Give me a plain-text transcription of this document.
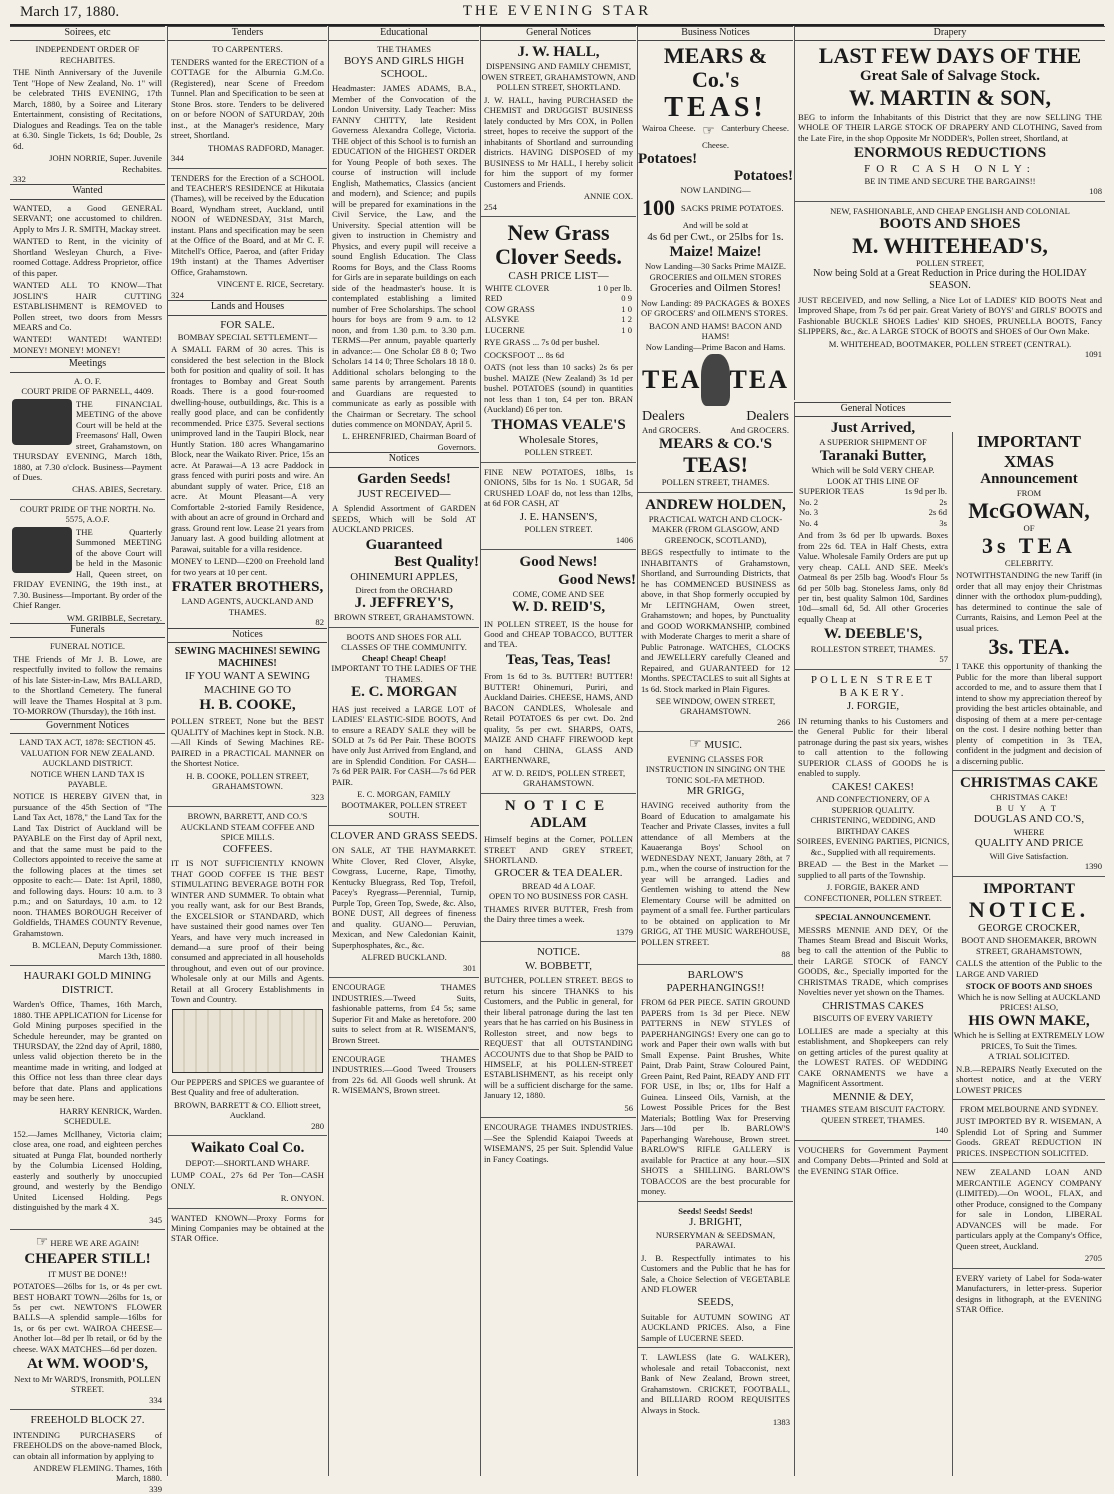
March 17, 1880.	THE EVENING STAR
Soirees, etc
INDEPENDENT ORDER OF
RECHABITES.

THE Ninth Anniversary of the Juvenile Tent "Hope of New Zealand, No. 1" will be celebrated THIS EVENING, 17th March, 1880, by a Soiree and Literary Entertainment, consisting of Recitations, Dialogues and Readings. Tea on the table at 6.30. Single Tickets, 1s 6d; Double, 2s 6d.

JOHN NORRIE, Super. Juvenile Rechabites.

332
Wanted

WANTED, a Good GENERAL SERVANT; one accustomed to children. Apply to Mrs J. R. SMITH, Mackay street.

WANTED to Rent, in the vicinity of Shortland Wesleyan Church, a Five-roomed Cottage. Address Proprietor, office of this paper.

WANTED ALL TO KNOW—That JOSLIN'S HAIR CUTTING ESTABLISHMENT is REMOVED to Pollen street, two doors from Messrs MEARS and Co.

WANTED! WANTED! WANTED! MONEY! MONEY! MONEY!

Meetings
A. O. F.
COURT PRIDE OF PARNELL, 4409.

THE FINANCIAL MEETING of the above Court will be held at the Freemasons' Hall, Owen street, Grahamstown, on THURSDAY EVENING, March 18th, 1880, at 7.30 o'clock. Business—Payment of Dues.

CHAS. ABIES, Secretary.

COURT PRIDE OF THE NORTH. No. 5575, A.O.F.

THE Quarterly Summoned MEETING of the above Court will be held in the Masonic Hall, Queen street, on FRIDAY EVENING, the 19th inst., at 7.30. Business—Important. By order of the Chief Ranger.

WM. GRIBBLE, Secretary.

Funerals
FUNERAL NOTICE.

THE Friends of Mr J. B. Lowe, are respectfully invited to follow the remains of his late Sister-in-Law, Mrs BALLARD, to the Shortland Cemetery. The funeral will leave the Thames Hospital at 3 p.m. TO-MORROW (Thursday), the 16th inst.

Government Notices
LAND TAX ACT, 1878: SECTION 45.
VALUATION FOR NEW ZEALAND.
AUCKLAND DISTRICT.
NOTICE WHEN LAND TAX IS PAYABLE.

NOTICE IS HEREBY GIVEN that, in pursuance of the 45th Section of "The Land Tax Act, 1878," the Land Tax for the Land Tax District of Auckland will be PAYABLE on the First day of April next, and that the same must be paid to the Collectors appointed to receive the same at the following places at the times set opposite to each:— Date: 1st April, 1880, and following days. Hours: 10 a.m. to 3 p.m.; and on Saturdays, 10 a.m. to 12 noon. THAMES BOROUGH Receiver of Goldfields, THAMES COUNTY Revenue, Grahamstown.

B. MCLEAN, Deputy Commissioner. March 13th, 1880.

HAURAKI GOLD MINING DISTRICT.

Warden's Office, Thames, 16th March, 1880. THE APPLICATION for License for Gold Mining purposes specified in the Schedule hereunder, may be granted on THURSDAY, the 22nd day of April, 1880, unless valid objection thereto be in the meantime made in writing, and lodged at this Office not less than three clear days before that date. Plans and applications may be seen here.

HARRY KENRICK, Warden.

SCHEDULE.

152.—James McIlhaney, Victoria claim; close area, one road, and eighteen perches situated at Punga Flat, bounded northerly by the Columbia Licensed Holding, easterly and southerly by unoccupied ground, and westerly by the Bendigo United Licensed Holding. Pegs distinguished by the mark 4 X.

345

☞ HERE WE ARE AGAIN!
CHEAPER STILL!
IT MUST BE DONE!!

POTATOES—26lbs for 1s, or 4s per cwt. BEST HOBART TOWN—26lbs for 1s, or 5s per cwt. NEWTON'S FLOWER BALLS—A splendid sample—16lbs for 1s, or 6s per cwt. WAIROA CHEESE—Another lot—8d per lb retail, or 6d by the cheese. WAX MATCHES—6d per dozen.

At WM. WOOD'S,
Next to Mr WARD'S, Ironsmith, POLLEN STREET.

334

FREEHOLD BLOCK 27.

INTENDING PURCHASERS of FREEHOLDS on the above-named Block, can obtain all information by applying to

ANDREW FLEMING. Thames, 16th March, 1880.

339

Tenders
TO CARPENTERS.

TENDERS wanted for the ERECTION of a COTTAGE for the Alburnia G.M.Co. (Registered), near Scene of Freedom Tunnel. Plan and Specification to be seen at Stone Bros. store. Tenders to be delivered on or before NOON of SATURDAY, 20th inst., at the Manager's residence, Mary street, Shortland.

THOMAS RADFORD, Manager.

344

TENDERS for the Erection of a SCHOOL and TEACHER'S RESIDENCE at Hikutaia (Thames), will be received by the Education Board, Wyndham street, Auckland, until NOON of WEDNESDAY, 31st March, instant. Plans and specification may be seen at the Office of the Board, and at Mr C. F. Mitchell's Office, Paeroa, and (after Friday 19th instant) at the Thames Advertiser Office, Grahamstown.

VINCENT E. RICE, Secretary.

324
Lands and Houses
FOR SALE.
BOMBAY SPECIAL SETTLEMENT—

A SMALL FARM of 30 acres. This is considered the best selection in the Block both for position and quality of soil. It has frontages to Bombay and Great South Roads. There is a good four-roomed dwelling-house, outbuildings, &c. This is a really good place, and can be confidently recommended. Price £375. Several sections unimproved land in the Taupiri Block, near Huntly Station. 180 acres Whangamarino Block, near the Waikato River. Price, 15s an acre. At Parawai—A 13 acre Paddock in grass fenced with puriri posts and wire. An abundant supply of water. Price, £18 an acre. At Mount Pleasant—A very Comfortable 2-storied Family Residence, with about an acre of ground in Orchard and grass. Ground rent low. Lease 21 years from January last. A good building allotment at Parawai, suitable for a villa residence.

MONEY to LEND—£200 on Freehold land for two years at 10 per cent.

FRATER BROTHERS,
LAND AGENTS, AUCKLAND AND THAMES.

82

Notices
SEWING MACHINES! SEWING MACHINES!
IF YOU WANT A SEWING MACHINE GO TO
H. B. COOKE,

POLLEN STREET, None but the BEST QUALITY of Machines kept in Stock. N.B.—All Kinds of Sewing Machines RE-PAIRED in a PRACTICAL MANNER on the Shortest Notice.

H. B. COOKE, POLLEN STREET, GRAHAMSTOWN.

323

BROWN, BARRETT, AND CO.'S AUCKLAND STEAM COFFEE AND SPICE MILLS.
COFFEES.

IT IS NOT SUFFICIENTLY KNOWN THAT GOOD COFFEE IS THE BEST STIMULATING BEVERAGE BOTH FOR WINTER AND SUMMER. To obtain what you really want, ask for our Best Brands, the EXCELSIOR or STANDARD, which have sustained their good names over Ten Years, and have very much increased in demand—a sure proof of their being consumed and appreciated in all households throughout, and even out of our province. Wholesale only at our Mills and Agents. Retail at all Grocery Establishments in Town and Country.

Our PEPPERS and SPICES we guarantee of Best Quality and free of adulteration.

BROWN, BARRETT & CO. Elliott street, Auckland.

280

Waikato Coal Co.
DEPOT:—SHORTLAND WHARF.

LUMP COAL, 27s 6d Per Ton—CASH ONLY.

R. ONYON.

WANTED KNOWN—Proxy Forms for Mining Companies may be obtained at the STAR Office.

Educational
THE THAMES
BOYS AND GIRLS HIGH SCHOOL.

Headmaster: JAMES ADAMS, B.A., Member of the Convocation of the London University. Lady Teacher: Miss FANNY CHITTY, late Resident Governess Alexandra College, Victoria. THE object of this School is to furnish an EDUCATION of the HIGHEST ORDER for Young People of both sexes. The course of instruction will include English, Mathematics, Classics (ancient and modern), and Science; and pupils will be prepared for examinations in the Civil Service, the Law, and the University. Special attention will be given to instruction in Chemistry and Physics, and every pupil will receive a sound English Education. The Class Rooms for Boys, and the Class Rooms for Girls are in separate buildings on each side of the headmaster's house. It is contemplated establishing a limited number of Free Scholarships. The school hours for boys are from 9 a.m. to 12 noon, and from 1.30 p.m. to 3.30 p.m. TERMS—Per annum, payable quarterly in advance:— One Scholar £8 8 0; Two Scholars 14 14 0; Three Scholars 18 18 0. Additional scholars belonging to the same parents by arrangement. Parents and Guardians are requested to communicate as early as possible with the Chairman or Secretary. The school duties commence on MONDAY, April 5.

L. EHRENFRIED, Chairman Board of Governors.

Notices
Garden Seeds!
JUST RECEIVED—

A Splendid Assortment of GARDEN SEEDS, Which will be Sold AT AUCKLAND PRICES.

Guaranteed
Best Quality!
OHINEMURI APPLES,
Direct from the ORCHARD
J. JEFFREY'S,
BROWN STREET, GRAHAMSTOWN.
BOOTS AND SHOES FOR ALL CLASSES OF THE COMMUNITY.
Cheap! Cheap! Cheap!
IMPORTANT TO THE LADIES OF THE THAMES.
E. C. MORGAN

HAS just received a LARGE LOT of LADIES' ELASTIC-SIDE BOOTS, And to ensure a READY SALE they will be SOLD at 7s 6d Per Pair. These BOOTS have only Just Arrived from England, and are in Splendid Condition. For CASH—7s 6d PER PAIR. For CASH—7s 6d PER PAIR.

E. C. MORGAN, FAMILY BOOTMAKER, POLLEN STREET SOUTH.
CLOVER AND GRASS SEEDS.

ON SALE, AT THE HAYMARKET. White Clover, Red Clover, Alsyke, Cowgrass, Lucerne, Rape, Timothy, Kentucky Bluegrass, Red Top, Trefoil, Pacey's Ryegrass—Perennial, Turnip, Purple Top, Green Top, Swede, &c. Also, BONE DUST, All degrees of fineness and quality. GUANO— Peruvian, Mexican, and New Caledonian Kainit, Superphosphates, &c., &c.

ALFRED BUCKLAND.

301

ENCOURAGE THAMES INDUSTRIES.—Tweed Suits, fashionable patterns, from £4 5s; same Superior Fit and Make as heretofore. 200 suits to select from at R. WISEMAN'S, Brown Street.

ENCOURAGE THAMES INDUSTRIES.—Good Tweed Trousers from 22s 6d. All Goods well shrunk. At R. WISEMAN'S, Brown street.

General Notices
J. W. HALL,
DISPENSING AND FAMILY CHEMIST, OWEN STREET, GRAHAMSTOWN, AND POLLEN STREET, SHORTLAND.

J. W. HALL, having PURCHASED the CHEMIST and DRUGGIST BUSINESS lately conducted by Mrs COX, in Pollen street, hopes to receive the support of the inhabitants of Shortland and surrounding districts. HAVING DISPOSED of my BUSINESS to Mr HALL, I hereby solicit for him the support of my former Customers and Friends.

ANNIE COX.

254
New Grass
Clover Seeds.
CASH PRICE LIST—
WHITE CLOVER	1 0 per lb.
RED	0 9
COW GRASS	1 0
ALSYKE	1 2
LUCERNE	1 0

RYE GRASS ... 7s 0d per bushel.

COCKSFOOT ... 8s 6d

OATS (not less than 10 sacks) 2s 6s per bushel. MAIZE (New Zealand) 3s 1d per bushel. POTATOES (sound) in quantities not less than 1 ton, £4 per ton. BRAN (Auckland) £6 per ton.

THOMAS VEALE'S
Wholesale Stores,
POLLEN STREET.

FINE NEW POTATOES, 18lbs, 1s ONIONS, 5lbs for 1s No. 1 SUGAR, 5d CRUSHED LOAF do, not less than 12lbs, at 6d FOR CASH, AT

J. E. HANSEN'S,
POLLEN STREET.

1406

Good News!
Good News!
COME, COME AND SEE
W. D. REID'S,

IN POLLEN STREET, IS the house for Good and CHEAP TOBACCO, BUTTER and TEA.

Teas, Teas, Teas!

From 1s 6d to 3s. BUTTER! BUTTER! BUTTER! Ohinemuri, Puriri, and Auckland Dairies. CHEESE, HAMS, AND BACON CANDLES, Wholesale and Retail POTATOES 6s per cwt. Do. 2nd quality, 5s per cwt. SHARPS, OATS, MAIZE AND CHAFF FIREWOOD kept on hand CHINA, GLASS AND EARTHENWARE,

AT W. D. REID'S, POLLEN STREET, GRAHAMSTOWN.
NOTICE
ADLAM

Himself begins at the Corner, POLLEN STREET AND GREY STREET, SHORTLAND.

GROCER & TEA DEALER.
BREAD 4d A LOAF.
OPEN TO NO BUSINESS FOR CASH.

THAMES RIVER BUTTER, Fresh from the Dairy three times a week.

1379

NOTICE.
W. BOBBETT,

BUTCHER, POLLEN STREET. BEGS to return his sincere THANKS to his Customers, and the Public in general, for their liberal patronage during the last ten years that he has carried on his Business in Rolleston street, and now begs to REQUEST that all OUTSTANDING ACCOUNTS due to that Shop be PAID to HIMSELF, at his POLLEN-STREET ESTABLISHMENT, as his receipt only will be a sufficient discharge for the same. January 12, 1880.

56

ENCOURAGE THAMES INDUSTRIES.—See the Splendid Kaiapoi Tweeds at WISEMAN'S, 25 per Suit. Splendid Value in Fancy Coatings.

Business Notices
MEARS & Co.'s
TEAS!
Wairoa Cheese. ☞ Canterbury Cheese.
Cheese.
Potatoes!
Potatoes!
NOW LANDING—
100 SACKS PRIME POTATOES.
And will be sold at
4s 6d per Cwt., or 25lbs for 1s.
Maize! Maize!
Now Landing—30 Sacks Prime MAIZE.
GROCERIES and OILMEN STORES
Groceries and Oilmen Stores!

Now Landing: 89 PACKAGES & BOXES OF GROCERS' and OILMEN'S STORES.

BACON AND HAMS! BACON AND HAMS!
Now Landing—Prime Bacon and Hams.
TEA TEA
Dealers	Dealers
And GROCERS.	And GROCERS.
MEARS & CO.'S
TEAS!
POLLEN STREET, THAMES.
ANDREW HOLDEN,
PRACTICAL WATCH AND CLOCK-MAKER (FROM GLASGOW, AND GREENOCK, SCOTLAND),

BEGS respectfully to intimate to the INHABITANTS of Grahamstown, Shortland, and Surrounding Districts, that he has COMMENCED BUSINESS as above, in that Shop formerly occupied by Mr LEITNGHAM, Owen street, Grahamstown; and hopes, by Punctuality and GOOD WORKMANSHIP, combined with Moderate Charges to merit a share of Public Patronage. WATCHES, CLOCKS and JEWELLERY carefully Cleaned and Repaired, and GUARANTEED for 12 Months. SPECTACLES to suit all Sights at 1s 6d. Stock marked in Plain Figures.

SEE WINDOW, OWEN STREET, GRAHAMSTOWN.

266

☞ MUSIC.
EVENING CLASSES FOR INSTRUCTION IN SINGING ON THE TONIC SOL-FA METHOD.
MR GRIGG,

HAVING received authority from the Board of Education to amalgamate his Teacher and Private Classes, invites a full attendance of all Members at the Kauaeranga Boys' School on WEDNESDAY NEXT, January 28th, at 7 p.m., when the course of instruction for the year will be arranged. Ladies and Gentlemen wishing to attend the New Elementary Course will be admitted on payment of a small fee. Further particulars to be obtained on application to Mr GRIGG, AT THE MUSIC WAREHOUSE, POLLEN STREET.

88

BARLOW'S
PAPERHANGINGS!!

FROM 6d PER PIECE. SATIN GROUND PAPERS from 1s 3d per Piece. NEW PATTERNS in NEW STYLES of PAPERHANGINGS! Every one can go to work and Paper their own walls with but Small Expense. Paint Brushes, White Paint, Drab Paint, Straw Coloured Paint, Green Paint, Red Paint, READY AND FIT FOR USE, in lbs; or, 1lbs for Half a Guinea. Linseed Oils, Varnish, at the Lowest Possible Prices for the Best Materials; Bottling Wax for Preserving Jars—10d per lb. BARLOW'S Paperhanging Warehouse, Brown street. BARLOW'S RIFLE GALLERY is available for Practice at any hour.—SIX SHOTS a SHILLING. BARLOW'S TOBACCOS are the best procurable for money.

Seeds! Seeds! Seeds!
J. BRIGHT,
NURSERYMAN & SEEDSMAN, PARAWAI.

J. B. Respectfully intimates to his Customers and the Public that he has for Sale, a Choice Selection of VEGETABLE AND FLOWER

SEEDS,

Suitable for AUTUMN SOWING AT AUCKLAND PRICES. Also, a Fine Sample of LUCERNE SEED.

T. LAWLESS (late G. WALKER), wholesale and retail Tobacconist, next Bank of New Zealand, Brown street, Grahamstown. CRICKET, FOOTBALL, and BILLIARD ROOM REQUISITES Always in Stock.

1383

Drapery
LAST FEW DAYS OF THE
Great Sale of Salvage Stock.
W. MARTIN & SON,

BEG to inform the Inhabitants of this District that they are now SELLING THE WHOLE OF THEIR LARGE STOCK OF DRAPERY AND CLOTHING, Saved from the Late Fire, in the shop Opposite Mr NODDER's, Pollen street, Shortland, at

ENORMOUS REDUCTIONS
FOR CASH ONLY:
BE IN TIME AND SECURE THE BARGAINS!!

108

NEW, FASHIONABLE, AND CHEAP ENGLISH AND COLONIAL
BOOTS AND SHOES
M. WHITEHEAD'S,
POLLEN STREET,
Now being Sold at a Great Reduction in Price during the HOLIDAY SEASON.

JUST RECEIVED, and now Selling, a Nice Lot of LADIES' KID BOOTS Neat and Improved Shape, from 7s 6d per pair. Great Variety of BOYS' and GIRLS' BOOTS and Fashionable BUCKLE SHOES Ladies' KID SHOES, PRUNELLA BOOTS, Fancy SLIPPERS, &c., &c. A LARGE STOCK of BOOTS and SHOES of Our Own Make.

M. WHITEHEAD, BOOTMAKER, POLLEN STREET (CENTRAL).

1091

General Notices
Just Arrived,
A SUPERIOR SHIPMENT OF
Taranaki Butter,
Which will be Sold VERY CHEAP.
LOOK AT THIS LINE OF
SUPERIOR TEAS	1s 9d per lb.
No. 2	2s
No. 3	2s 6d
No. 4	3s

And from 3s 6d per lb upwards. Boxes from 22s 6d. TEA in Half Chests, extra Value. Wholesale Family Orders are put up very cheap. CALL AND SEE. Meek's Oatmeal 8s per 25lb bag. Wood's Flour 5s 6d per 50lb bag. Stoneless Jams, only 8d per tin, best quality Salmon 10d, Sardines 10d—small 6d, 5d. All other Groceries equally Cheap at

W. DEEBLE'S,
ROLLESTON STREET, THAMES.

57

POLLEN STREET BAKERY.
J. FORGIE,

IN returning thanks to his Customers and the General Public for their liberal patronage during the past six years, wishes to call attention to the following SUPERIOR CLASS of GOODS he is enabled to supply.

CAKES! CAKES!
AND CONFECTIONERY, OF A SUPERIOR QUALITY.
CHRISTENING, WEDDING, AND BIRTHDAY CAKES
SOIREES, EVENING PARTIES, PICNICS, &c., Supplied with all requirements.

BREAD — the Best in the Market — supplied to all parts of the Township.

J. FORGIE, BAKER AND CONFECTIONER, POLLEN STREET.
SPECIAL ANNOUNCEMENT.

MESSRS MENNIE AND DEY, Of the Thames Steam Bread and Biscuit Works, beg to call the attention of the Public to their LARGE STOCK of FANCY GOODS, &c., Specially imported for the CHRISTMAS TRADE, which comprises Novelties never yet shown on the Thames.

CHRISTMAS CAKES
BISCUITS OF EVERY VARIETY

LOLLIES are made a specialty at this establishment, and Shopkeepers can rely on getting articles of the purest quality at the LOWEST RATES. OF WEDDING CAKE ORNAMENTS we have a Magnificent Assortment.

MENNIE & DEY,
THAMES STEAM BISCUIT FACTORY. QUEEN STREET, THAMES.

140

VOUCHERS for Government Payment and Company Debts—Printed and Sold at the EVENING STAR Office.

IMPORTANT XMAS
Announcement
FROM
McGOWAN,
OF
3s TEA
CELEBRITY.

NOTWITHSTANDING the new Tariff (in order that all may enjoy their Christmas dinner with the orthodox plum-pudding), has determined to continue the sale of Currants, Raisins, and Lemon Peel at the usual prices.

3s. TEA.

I TAKE this opportunity of thanking the Public for the more than liberal support accorded to me, and to assure them that I intend to show my appreciation thereof by providing the best articles obtainable, and disposing of them at a mere per-centage on the cost. I desire nothing better than plenty of competition in 3s TEA, confident in the judgment and decision of a discerning public.

CHRISTMAS CAKE
CHRISTMAS CAKE!
BUY AT
DOUGLAS AND CO.'S,
WHERE
QUALITY AND PRICE
Will Give Satisfaction.

1390

IMPORTANT
NOTICE.
GEORGE CROCKER,
BOOT AND SHOEMAKER, BROWN STREET, GRAHAMSTOWN,

CALLS the attention of the Public to the LARGE AND VARIED

STOCK OF BOOTS AND SHOES
Which he is now Selling at AUCKLAND PRICES! ALSO,
HIS OWN MAKE,
Which he is Selling at EXTREMELY LOW PRICES, To Suit the Times.
A TRIAL SOLICITED.

N.B.—REPAIRS Neatly Executed on the shortest notice, and at the VERY LOWEST PRICES

FROM MELBOURNE AND SYDNEY.

JUST IMPORTED BY R. WISEMAN, A Splendid Lot of Spring and Summer Goods. GREAT REDUCTION IN PRICES. INSPECTION SOLICITED.

NEW ZEALAND LOAN AND MERCANTILE AGENCY COMPANY (LIMITED).—On WOOL, FLAX, and other Produce, consigned to the Company for sale in London, LIBERAL ADVANCES will be made. For particulars apply at the Company's Office, Queen street, Auckland.

2705

EVERY variety of Label for Soda-water Manufacturers, in letter-press. Superior designs in lithograph, at the EVENING STAR Office.
